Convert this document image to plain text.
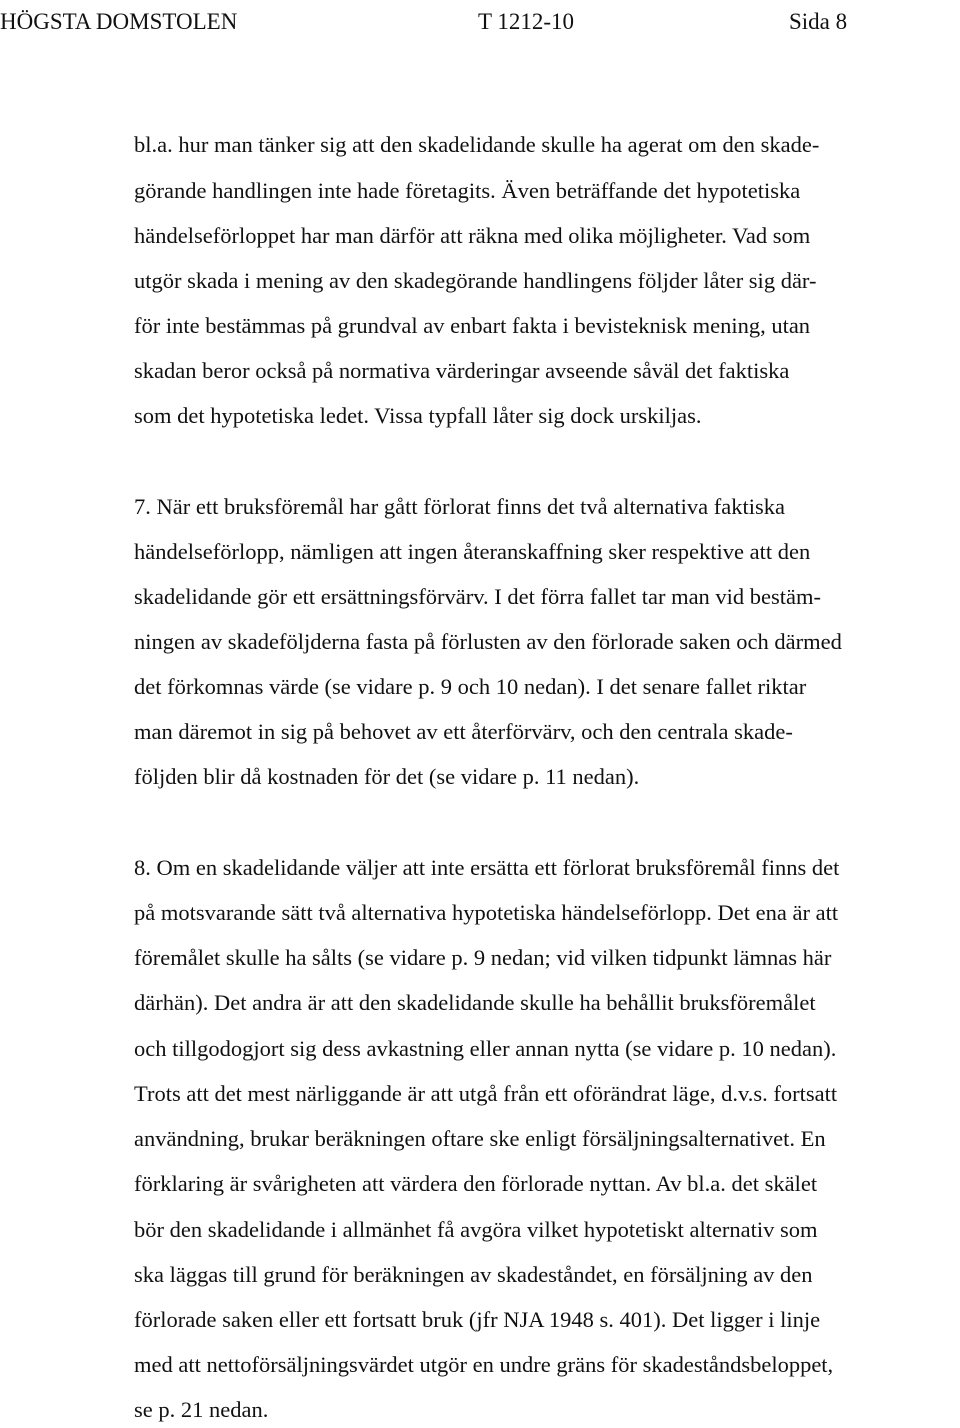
HÖGSTA DOMSTOLEN	T 1212-10	Sida 8
bl.a. hur man tänker sig att den skadelidande skulle ha agerat om den skade-
görande handlingen inte hade företagits. Även beträffande det hypotetiska
händelseförloppet har man därför att räkna med olika möjligheter. Vad som
utgör skada i mening av den skadegörande handlingens följder låter sig där-
för inte bestämmas på grundval av enbart fakta i bevisteknisk mening, utan
skadan beror också på normativa värderingar avseende såväl det faktiska
som det hypotetiska ledet. Vissa typfall låter sig dock urskiljas.
7. När ett bruksföremål har gått förlorat finns det två alternativa faktiska
händelseförlopp, nämligen att ingen återanskaffning sker respektive att den
skadelidande gör ett ersättningsförvärv. I det förra fallet tar man vid bestäm-
ningen av skadeföljderna fasta på förlusten av den förlorade saken och därmed
det förkomnas värde (se vidare p. 9 och 10 nedan). I det senare fallet riktar
man däremot in sig på behovet av ett återförvärv, och den centrala skade-
följden blir då kostnaden för det (se vidare p. 11 nedan).
8. Om en skadelidande väljer att inte ersätta ett förlorat bruksföremål finns det
på motsvarande sätt två alternativa hypotetiska händelseförlopp. Det ena är att
föremålet skulle ha sålts (se vidare p. 9 nedan; vid vilken tidpunkt lämnas här
därhän). Det andra är att den skadelidande skulle ha behållit bruksföremålet
och tillgodogjort sig dess avkastning eller annan nytta (se vidare p. 10 nedan).
Trots att det mest närliggande är att utgå från ett oförändrat läge, d.v.s. fortsatt
användning, brukar beräkningen oftare ske enligt försäljningsalternativet. En
förklaring är svårigheten att värdera den förlorade nyttan. Av bl.a. det skälet
bör den skadelidande i allmänhet få avgöra vilket hypotetiskt alternativ som
ska läggas till grund för beräkningen av skadeståndet, en försäljning av den
förlorade saken eller ett fortsatt bruk (jfr NJA 1948 s. 401). Det ligger i linje
med att nettoförsäljningsvärdet utgör en undre gräns för skadeståndsbeloppet,
se p. 21 nedan.
